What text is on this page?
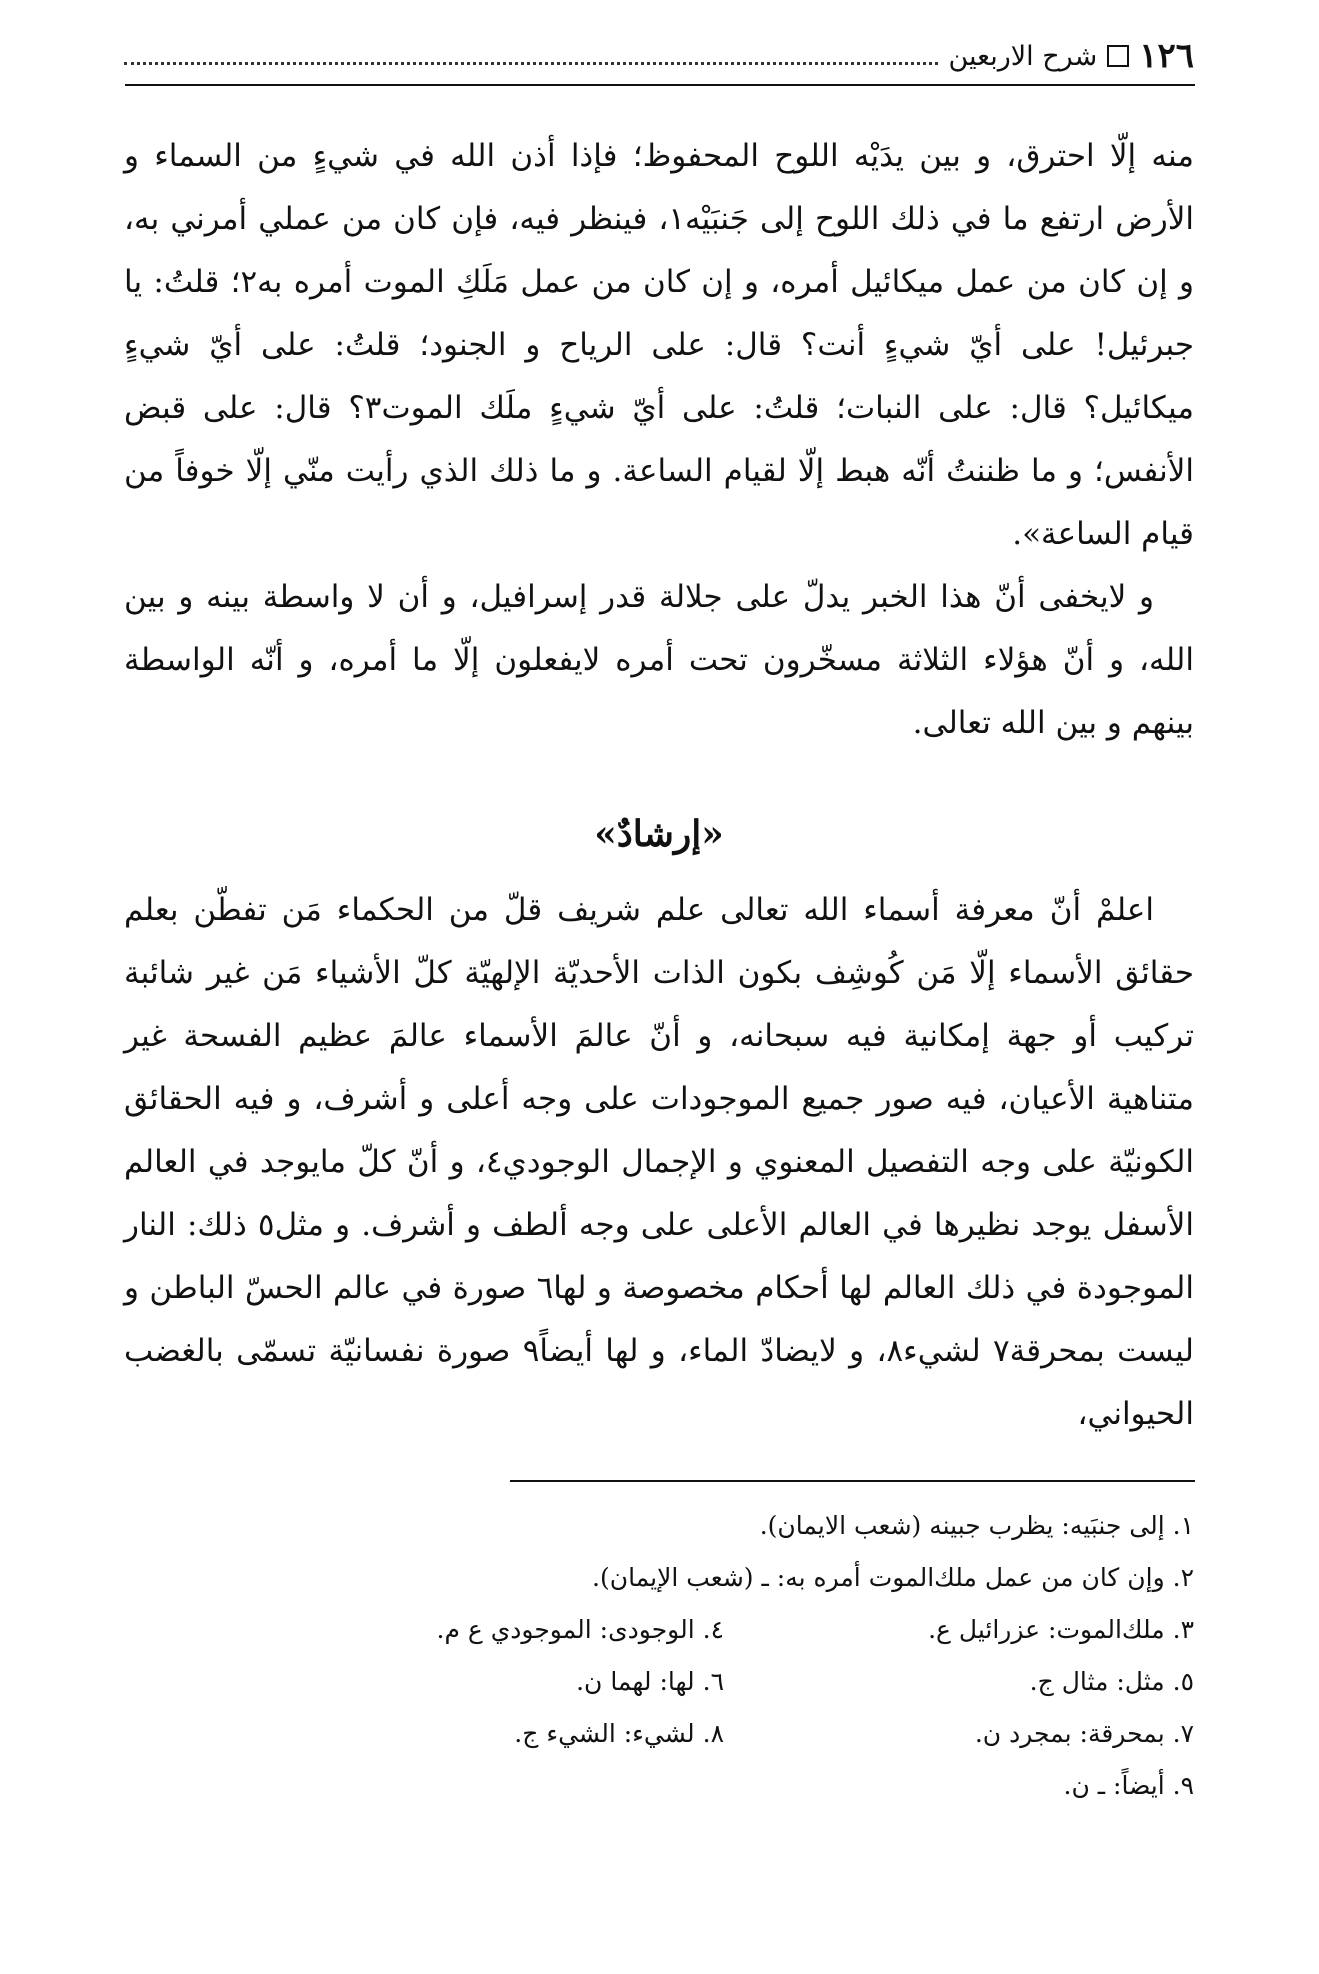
١٢٦
شرح الاربعين

منه إلّا احترق، و بين يدَيْه اللوح المحفوظ؛ فإذا أذن الله في شيءٍ من السماء و الأرض ارتفع ما في ذلك اللوح إلى جَنبَيْه١، فينظر فيه، فإن كان من عملي أمرني به، و إن كان من عمل ميكائيل أمره، و إن كان من عمل مَلَكِ الموت أمره به٢؛ قلتُ: يا جبرئيل! على أيّ شيءٍ أنت؟ قال: على الرياح و الجنود؛ قلتُ: على أيّ شيءٍ ميكائيل؟ قال: على النبات؛ قلتُ: على أيّ شيءٍ ملَك الموت٣؟ قال: على قبض الأنفس؛ و ما ظننتُ أنّه هبط إلّا لقيام الساعة. و ما ذلك الذي رأيت منّي إلّا خوفاً من قيام الساعة».

و لايخفى أنّ هذا الخبر يدلّ على جلالة قدر إسرافيل، و أن لا واسطة بينه و بين الله، و أنّ هؤلاء الثلاثة مسخّرون تحت أمره لايفعلون إلّا ما أمره، و أنّه الواسطة بينهم و بين الله تعالى.

«إرشادٌ»

اعلمْ أنّ معرفة أسماء الله تعالى علم شريف قلّ من الحكماء مَن تفطّن بعلم حقائق الأسماء إلّا مَن كُوشِف بكون الذات الأحديّة الإلهيّة كلّ الأشياء مَن غير شائبة تركيب أو جهة إمكانية فيه سبحانه، و أنّ عالمَ الأسماء عالمَ عظيم الفسحة غير متناهية الأعيان، فيه صور جميع الموجودات على وجه أعلى و أشرف، و فيه الحقائق الكونيّة على وجه التفصيل المعنوي و الإجمال الوجودي٤، و أنّ كلّ مايوجد في العالم الأسفل يوجد نظيرها في العالم الأعلى على وجه ألطف و أشرف. و مثل٥ ذلك: النار الموجودة في ذلك العالم لها أحكام مخصوصة و لها٦ صورة في عالم الحسّ الباطن و ليست بمحرقة٧ لشيء٨، و لايضادّ الماء، و لها أيضاً٩ صورة نفسانيّة تسمّى بالغضب الحيواني،

١. إلى جنبَيه: يظرب جبينه (شعب الايمان).
٢. وإن كان من عمل ملك‌الموت أمره به: ـ (شعب الإيمان).
٣. ملك‌الموت: عزرائيل ع.
٤. الوجودى: الموجودي ع م.
٥. مثل: مثال ج.
٦. لها: لهما ن.
٧. بمحرقة: بمجرد ن.
٨. لشيء: الشيء ج.
٩. أيضاً: ـ ن.
